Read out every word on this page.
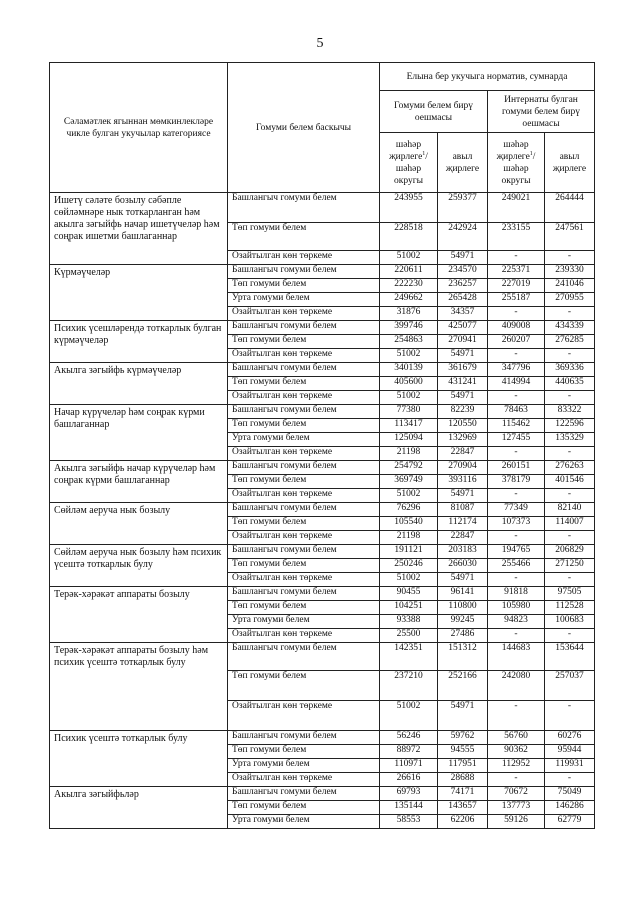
5
Сәламәтлек ягыннан мөмкинлекләре чикле булган укучылар категориясе	Гомуми белем баскычы	Елына бер укучыга норматив, сумнарда			
		Гомуми белем бирү оешмасы		Интернаты булган гомуми белем бирү оешмасы	
		шәһәр җирлеге$^1$/ шәһәр округы	авыл җирлеге	шәһәр җирлеге$^1$/ шәһәр округы	авыл җирлеге
Ишетү сәләте бозылу сәбәпле сөйләмнәре нык тоткарланган һәм акылга зәгыйфь начар ишетүчеләр һәм соңрак ишетми башлаганнар	Башлангыч гомуми белем	243955	259377	249021	264444
	Төп гомуми белем	228518	242924	233155	247561
	Озайтылган көн төркеме	51002	54971	-	-
Күрмәүчеләр	Башлангыч гомуми белем	220611	234570	225371	239330
	Төп гомуми белем	222230	236257	227019	241046
	Урта гомуми белем	249662	265428	255187	270955
	Озайтылган көн төркеме	31876	34357	-	-
Психик үсешләрендә тоткарлык булган күрмәүчеләр	Башлангыч гомуми белем	399746	425077	409008	434339
	Төп гомуми белем	254863	270941	260207	276285
	Озайтылган көн төркеме	51002	54971	-	-
Акылга зәгыйфь күрмәүчеләр	Башлангыч гомуми белем	340139	361679	347796	369336
	Төп гомуми белем	405600	431241	414994	440635
	Озайтылган көн төркеме	51002	54971	-	-
Начар күрүчеләр һәм соңрак күрми башлаганнар	Башлангыч гомуми белем	77380	82239	78463	83322
	Төп гомуми белем	113417	120550	115462	122596
	Урта гомуми белем	125094	132969	127455	135329
	Озайтылган көн төркеме	21198	22847	-	-
Акылга зәгыйфь начар күрүчеләр һәм соңрак күрми башлаганнар	Башлангыч гомуми белем	254792	270904	260151	276263
	Төп гомуми белем	369749	393116	378179	401546
	Озайтылган көн төркеме	51002	54971	-	-
Сөйләм аеруча нык бозылу	Башлангыч гомуми белем	76296	81087	77349	82140
	Төп гомуми белем	105540	112174	107373	114007
	Озайтылган көн төркеме	21198	22847	-	-
Сөйләм аеруча нык бозылу һәм психик үсештә тоткарлык булу	Башлангыч гомуми белем	191121	203183	194765	206829
	Төп гомуми белем	250246	266030	255466	271250
	Озайтылган көн төркеме	51002	54971	-	-
Терәк-хәрәкәт аппараты бозылу	Башлангыч гомуми белем	90455	96141	91818	97505
	Төп гомуми белем	104251	110800	105980	112528
	Урта гомуми белем	93388	99245	94823	100683
	Озайтылган көн төркеме	25500	27486	-	-
Терәк-хәрәкәт аппараты бозылу һәм психик үсештә тоткарлык булу	Башлангыч гомуми белем	142351	151312	144683	153644
	Төп гомуми белем	237210	252166	242080	257037
	Озайтылган көн төркеме	51002	54971	-	-
Психик үсештә тоткарлык булу	Башлангыч гомуми белем	56246	59762	56760	60276
	Төп гомуми белем	88972	94555	90362	95944
	Урта гомуми белем	110971	117951	112952	119931
	Озайтылган көн төркеме	26616	28688	-	-
Акылга зәгыйфьләр	Башлангыч гомуми белем	69793	74171	70672	75049
	Төп гомуми белем	135144	143657	137773	146286
	Урта гомуми белем	58553	62206	59126	62779
